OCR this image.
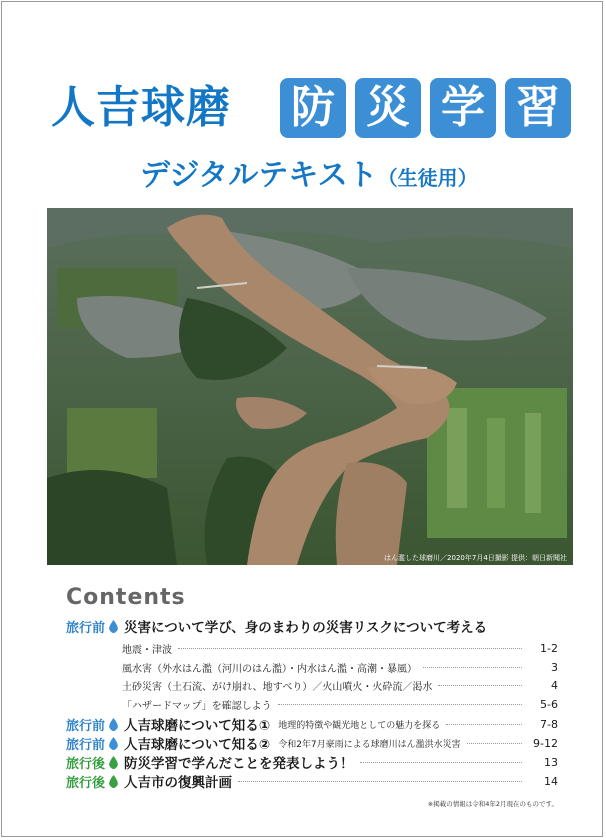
人吉球磨 防 災 学 習
デジタルテキスト（生徒用）
はん濫した球磨川／2020年7月4日撮影 提供：朝日新聞社
Contents
旅行前 災害について学び、身のまわりの災害リスクについて考える
地震・津波	1-2
風水害（外水はん濫（河川のはん濫）・内水はん濫・高潮・暴風）	3
土砂災害（土石流、がけ崩れ、地すべり）／火山噴火・火砕流／渇水	4
「ハザードマップ」を確認しよう	5-6
旅行前 人吉球磨について知る① 地理的特徴や観光地としての魅力を探る	7-8
旅行前 人吉球磨について知る② 令和2年7月豪雨による球磨川はん濫洪水災害	9-12
旅行後 防災学習で学んだことを発表しよう！	13
旅行後 人吉市の復興計画	14
※掲載の情報は令和4年2月現在のものです。
